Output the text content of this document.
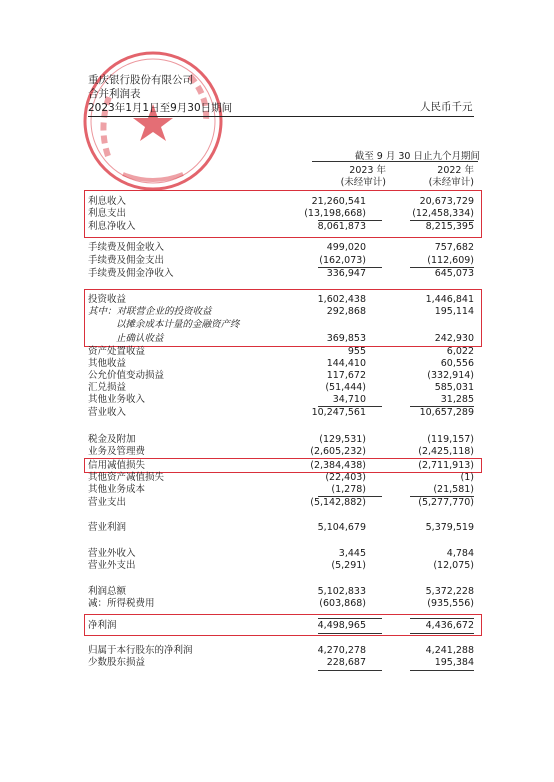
重庆银行股份有限公司
合并利润表
2023年1月1日至9月30日期间	人民币千元
截至 9 月 30 日止九个月期间
2023 年
(未经审计)
2022 年
(未经审计)
利息收入	21,260,541	20,673,729
利息支出	(13,198,668)	(12,458,334)
利息净收入	8,061,873	8,215,395
手续费及佣金收入	499,020	757,682
手续费及佣金支出	(162,073)	(112,609)
手续费及佣金净收入	336,947	645,073
投资收益	1,602,438	1,446,841
其中：对联营企业的投资收益	292,868	195,114
以摊余成本计量的金融资产终
止确认收益	369,853	242,930
资产处置收益	955	6,022
其他收益	144,410	60,556
公允价值变动损益	117,672	(332,914)
汇兑损益	(51,444)	585,031
其他业务收入	34,710	31,285
营业收入	10,247,561	10,657,289
税金及附加	(129,531)	(119,157)
业务及管理费	(2,605,232)	(2,425,118)
信用减值损失	(2,384,438)	(2,711,913)
其他资产减值损失	(22,403)	(1)
其他业务成本	(1,278)	(21,581)
营业支出	(5,142,882)	(5,277,770)
营业利润	5,104,679	5,379,519
营业外收入	3,445	4,784
营业外支出	(5,291)	(12,075)
利润总额	5,102,833	5,372,228
减：所得税费用	(603,868)	(935,556)
净利润	4,498,965	4,436,672
归属于本行股东的净利润	4,270,278	4,241,288
少数股东损益	228,687	195,384
